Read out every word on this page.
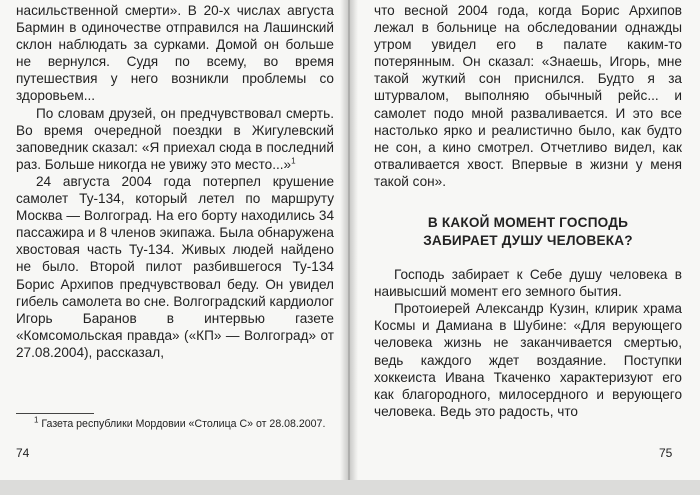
насильственной смерти». В 20-х числах августа Бармин в одиночестве отправился на Лашинский склон наблюдать за сурками. Домой он больше не вернулся. Судя по всему, во время путешествия у него возникли проблемы со здоровьем...

По словам друзей, он предчувствовал смерть. Во время очередной поездки в Жигулевский заповедник сказал: «Я приехал сюда в последний раз. Больше никогда не увижу это место...»$^1$

24 августа 2004 года потерпел крушение самолет Ту-134, который летел по маршруту Москва — Волгоград. На его борту находились 34 пассажира и 8 членов экипажа. Была обнаружена хвостовая часть Ту-134. Живых людей найдено не было. Второй пилот разбившегося Ту-134 Борис Архипов предчувствовал беду. Он увидел гибель самолета во сне. Волгоградский кардиолог Игорь Баранов в интервью газете «Комсомольская правда» («КП» — Волгоград» от 27.08.2004), рассказал,

$^1$ Газета республики Мордовии «Столица С» от 28.08.2007.
74

что весной 2004 года, когда Борис Архипов лежал в больнице на обследовании однажды утром увидел его в палате каким-то потерянным. Он сказал: «Знаешь, Игорь, мне такой жуткий сон приснился. Будто я за штурвалом, выполняю обычный рейс... и самолет подо мной разваливается. И это все настолько ярко и реалистично было, как будто не сон, а кино смотрел. Отчетливо видел, как отваливается хвост. Впервые в жизни у меня такой сон».

В КАКОЙ МОМЕНТ ГОСПОДЬ
ЗАБИРАЕТ ДУШУ ЧЕЛОВЕКА?

Господь забирает к Себе душу человека в наивысший момент его земного бытия.

Протоиерей Александр Кузин, клирик храма Космы и Дамиана в Шубине: «Для верующего человека жизнь не заканчивается смертью, ведь каждого ждет воздаяние. Поступки хоккеиста Ивана Ткаченко характеризуют его как благородного, милосердного и верующего человека. Ведь это радость, что

75
